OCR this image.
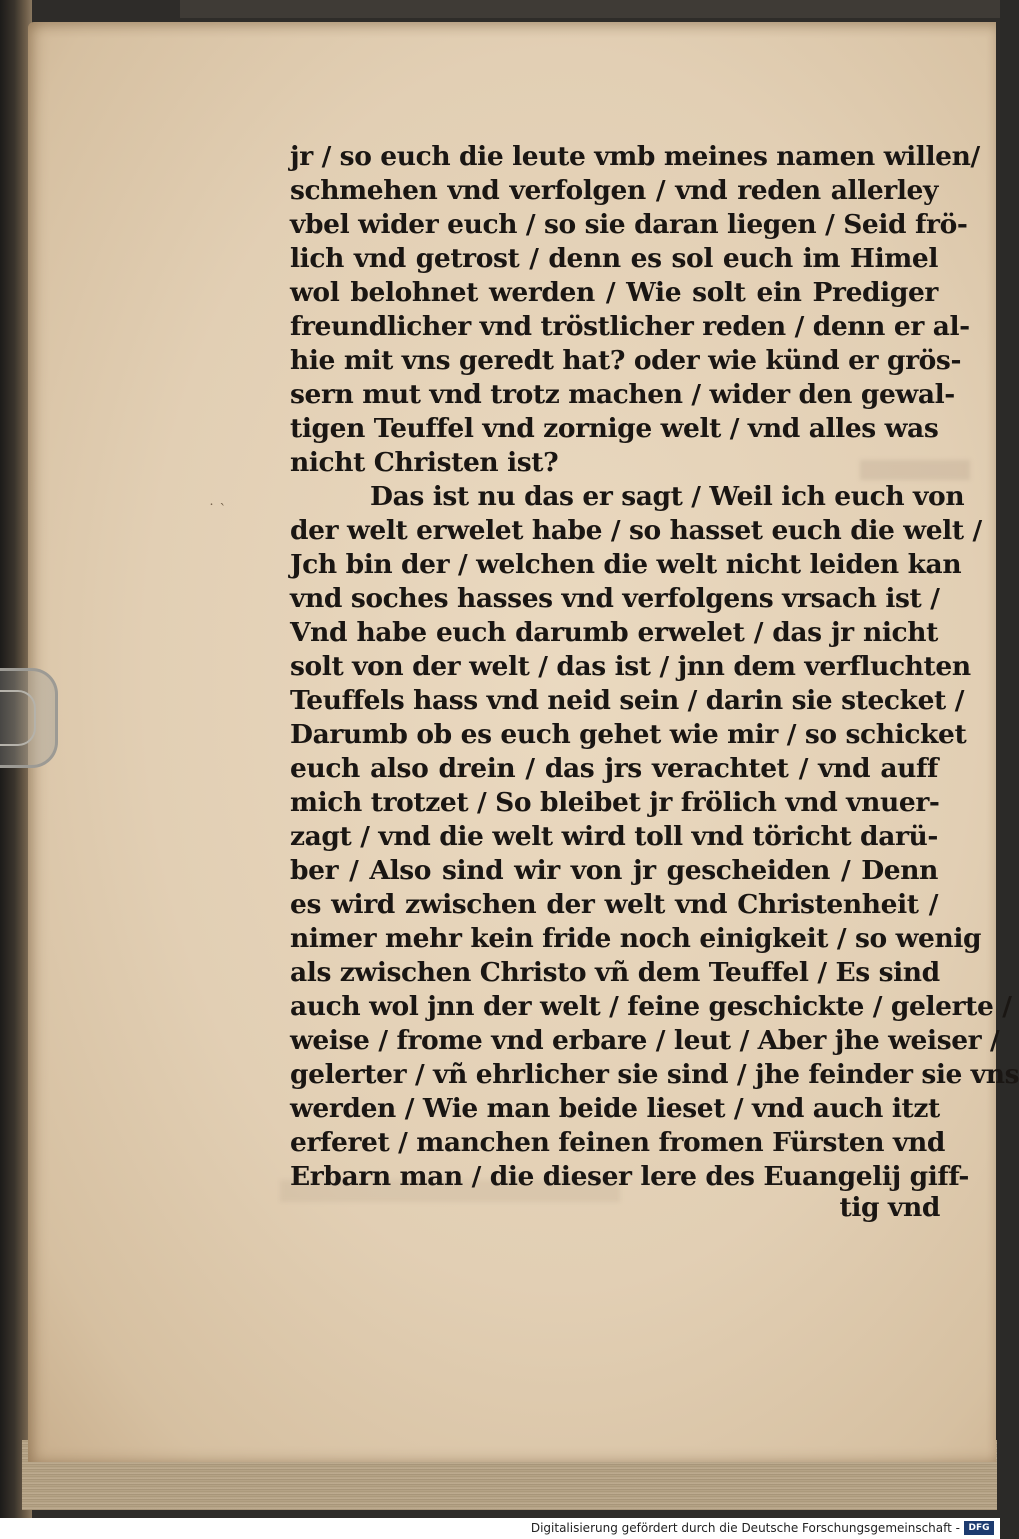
˙ ˋ
jr / so euch die leute vmb meines namen willen/
schmehen vnd verfolgen / vnd reden allerley
vbel wider euch / so sie daran liegen / Seid frö-
lich vnd getrost / denn es sol euch im Himel
wol belohnet werden / Wie solt ein Prediger
freundlicher vnd tröstlicher reden / denn er al-
hie mit vns geredt hat? oder wie künd er grös-
sern mut vnd trotz machen / wider den gewal-
tigen Teuffel vnd zornige welt / vnd alles was
nicht Christen ist?
Das ist nu das er sagt / Weil ich euch von
der welt erwelet habe / so hasset euch die welt /
Jch bin der / welchen die welt nicht leiden kan
vnd soches hasses vnd verfolgens vrsach ist /
Vnd habe euch darumb erwelet / das jr nicht
solt von der welt / das ist / jnn dem verfluchten
Teuffels hass vnd neid sein / darin sie stecket /
Darumb ob es euch gehet wie mir / so schicket
euch also drein / das jrs verachtet / vnd auff
mich trotzet / So bleibet jr frölich vnd vnuer-
zagt / vnd die welt wird toll vnd töricht darü-
ber / Also sind wir von jr gescheiden / Denn
es wird zwischen der welt vnd Christenheit /
nimer mehr kein fride noch einigkeit / so wenig
als zwischen Christo vñ dem Teuffel / Es sind
auch wol jnn der welt / feine geschickte / gelerte /
weise / frome vnd erbare / leut / Aber jhe weiser /
gelerter / vñ ehrlicher sie sind / jhe feinder sie vns
werden / Wie man beide lieset / vnd auch itzt
erferet / manchen feinen fromen Fürsten vnd
Erbarn man / die dieser lere des Euangelij giff-
tig vnd
Digitalisierung gefördert durch die Deutsche Forschungsgemeinschaft - DFG
